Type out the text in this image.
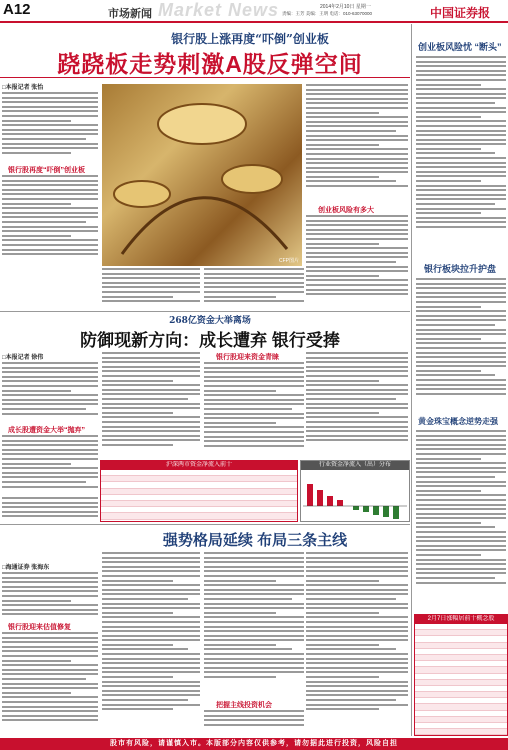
A12	市场新闻 Market News	2014年2月10日 星期一
责编：王芳 美编：王明 电话：010-63070000	中国证券报
银行股上涨再度“吓倒”创业板
跷跷板走势刺激A股反弹空间
□本报记者 张怡
银行股再度“吓倒”创业板
CFP图片
创业板风险有多大
268亿资金大举离场
防御现新方向：成长遭弃 银行受捧
□本报记者 徐伟
成长股遭资金大举“抛弃”
银行股迎来资金青睐
沪深两市资金净流入前十	行业资金净流入（出）分布
强势格局延续 布局三条主线
□海通证券 张海东
银行股迎来估值修复
把握主线投资机会
创业板风险忧 “断头”
银行板块拉升护盘
黄金珠宝概念逆势走强
2月7日涨幅居前十概念股
股市有风险，请谨慎入市。本版部分内容仅供参考，请勿据此进行投资，风险自担
